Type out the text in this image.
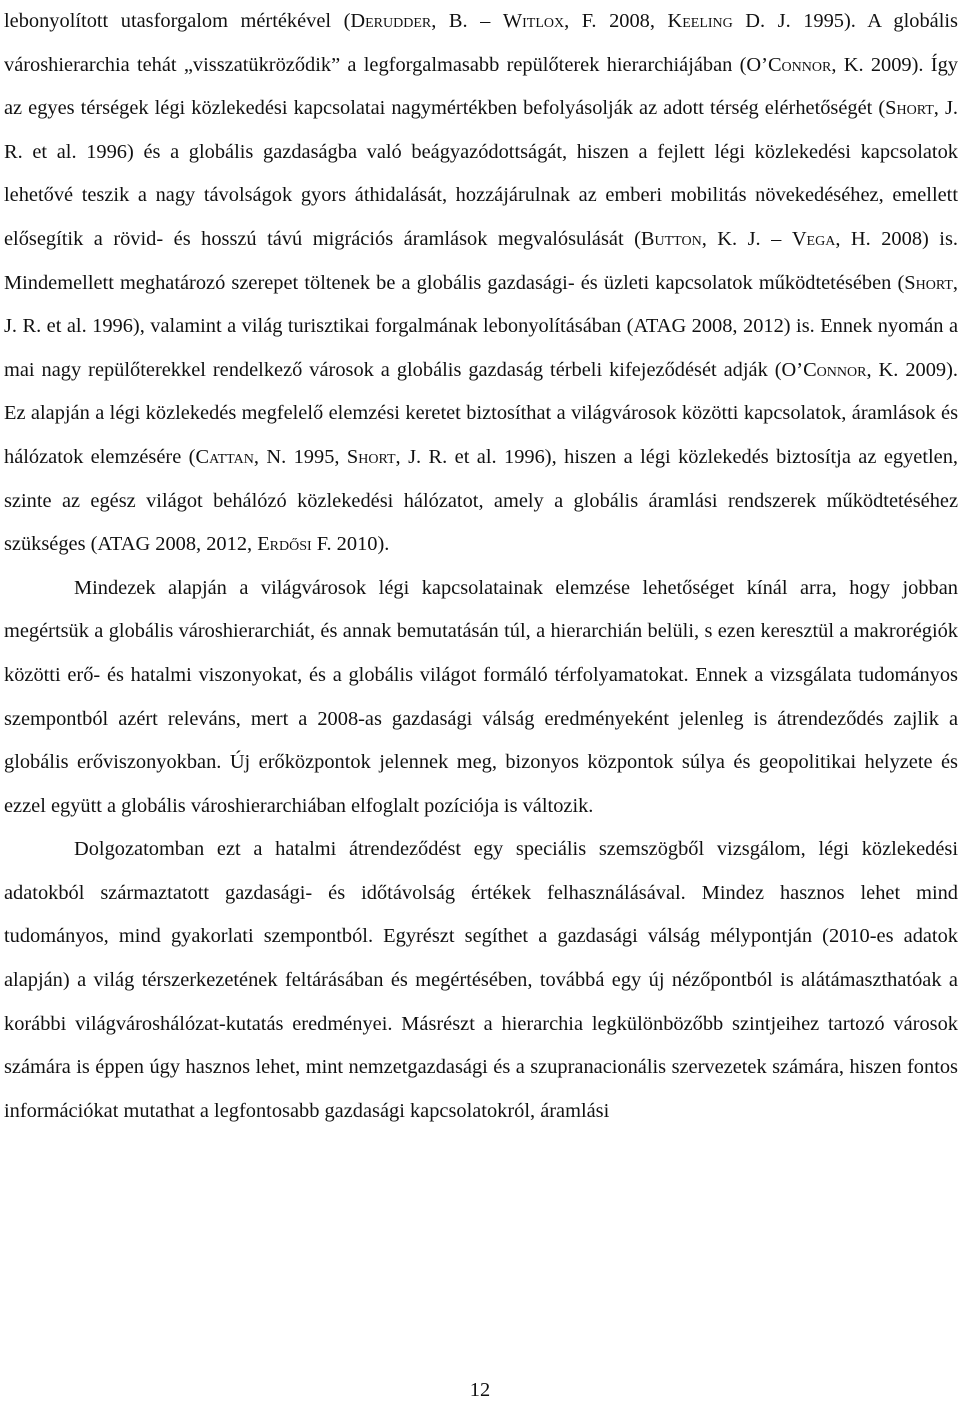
lebonyolított utasforgalom mértékével (Derudder, B. – Witlox, F. 2008, Keeling D. J. 1995). A globális városhierarchia tehát „visszatükröződik” a legforgalmasabb repülőterek hierarchiájában (O’Connor, K. 2009). Így az egyes térségek légi közlekedési kapcsolatai nagymértékben befolyásolják az adott térség elérhetőségét (Short, J. R. et al. 1996) és a globális gazdaságba való beágyazódottságát, hiszen a fejlett légi közlekedési kapcsolatok lehetővé teszik a nagy távolságok gyors áthidalását, hozzájárulnak az emberi mobilitás növekedéséhez, emellett elősegítik a rövid- és hosszú távú migrációs áramlások megvalósulását (Button, K. J. – Vega, H. 2008) is. Mindemellett meghatározó szerepet töltenek be a globális gazdasági- és üzleti kapcsolatok működtetésében (Short, J. R. et al. 1996), valamint a világ turisztikai forgalmának lebonyolításában (ATAG 2008, 2012) is. Ennek nyomán a mai nagy repülőterekkel rendelkező városok a globális gazdaság térbeli kifejeződését adják (O’Connor, K. 2009). Ez alapján a légi közlekedés megfelelő elemzési keretet biztosíthat a világvárosok közötti kapcsolatok, áramlások és hálózatok elemzésére (Cattan, N. 1995, Short, J. R. et al. 1996), hiszen a légi közlekedés biztosítja az egyetlen, szinte az egész világot behálózó közlekedési hálózatot, amely a globális áramlási rendszerek működtetéséhez szükséges (ATAG 2008, 2012, Erdősi F. 2010).

Mindezek alapján a világvárosok légi kapcsolatainak elemzése lehetőséget kínál arra, hogy jobban megértsük a globális városhierarchiát, és annak bemutatásán túl, a hierarchián belüli, s ezen keresztül a makrorégiók közötti erő- és hatalmi viszonyokat, és a globális világot formáló térfolyamatokat. Ennek a vizsgálata tudományos szempontból azért releváns, mert a 2008-as gazdasági válság eredményeként jelenleg is átrendeződés zajlik a globális erőviszonyokban. Új erőközpontok jelennek meg, bizonyos központok súlya és geopolitikai helyzete és ezzel együtt a globális városhierarchiában elfoglalt pozíciója is változik.

Dolgozatomban ezt a hatalmi átrendeződést egy speciális szemszögből vizsgálom, légi közlekedési adatokból származtatott gazdasági- és időtávolság értékek felhasználásával. Mindez hasznos lehet mind tudományos, mind gyakorlati szempontból. Egyrészt segíthet a gazdasági válság mélypontján (2010-es adatok alapján) a világ térszerkezetének feltárásában és megértésében, továbbá egy új nézőpontból is alátámaszthatóak a korábbi világvároshálózat-kutatás eredményei. Másrészt a hierarchia legkülönbözőbb szintjeihez tartozó városok számára is éppen úgy hasznos lehet, mint nemzetgazdasági és a szupranacionális szervezetek számára, hiszen fontos információkat mutathat a legfontosabb gazdasági kapcsolatokról, áramlási

12
